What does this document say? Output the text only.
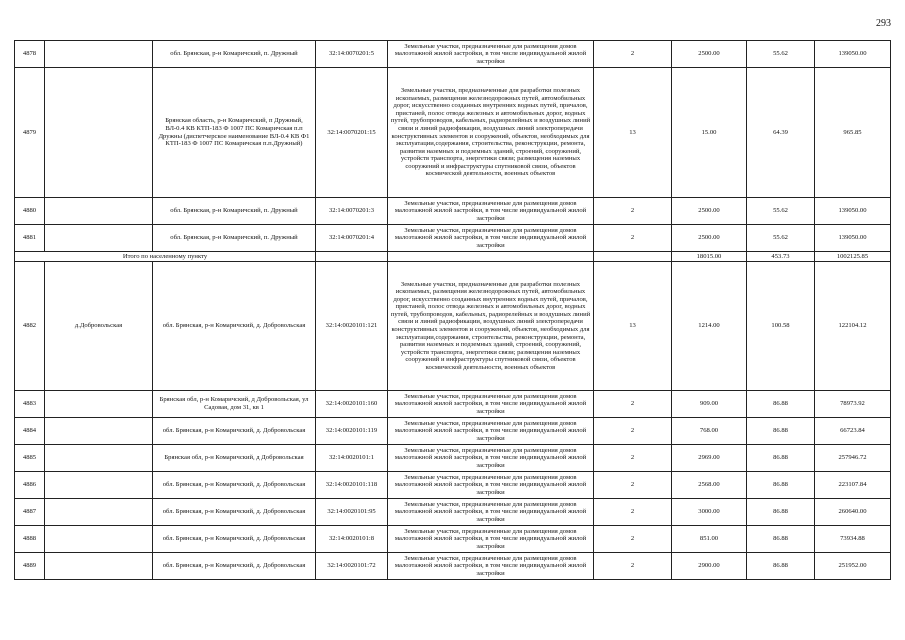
293
4878		обл. Брянская, р-н Комаричский, п. Дружный	32:14:0070201:5	Земельные участки, предназначенные для размещения домов малоэтажной жилой застройки, в том числе индивидуальной жилой застройки	2	2500.00	55.62	139050.00
4879		Брянская область, р-н Комаричский, п Дружный, ВЛ-0.4 КВ КТП-183 Ф 1007 ПС Комаричская п.п Дружны (диспетчерское наименование ВЛ-0.4 КВ Ф1 КТП-183 Ф 1007 ПС Комаричская п.п.Дружный)	32:14:0070201:15	Земельные участки, предназначенные для разработки полезных ископаемых, размещения железнодорожных путей, автомобильных дорог, искусственно созданных внутренних водных путей, причалов, пристаней, полос отвода железных и автомобильных дорог, водных путей, трубопроводов, кабельных, радиорелейных и воздушных линий связи и линий радиофикации, воздушных линий электропередачи конструктивных элементов и сооружений, объектов, необходимых для эксплуатации,содержания, строительства, реконструкции, ремонта, развития наземных и подземных зданий, строений, сооружений, устройств транспорта, энергетики связи; размещения наземных сооружений и инфраструктуры спутниковой связи, объектов космической деятельности, военных объектов	13	15.00	64.39	965.85
4880		обл. Брянская, р-н Комаричский, п. Дружный	32:14:0070201:3	Земельные участки, предназначенные для размещения домов малоэтажной жилой застройки, в том числе индивидуальной жилой застройки	2	2500.00	55.62	139050.00
4881		обл. Брянская, р-н Комаричский, п. Дружный	32:14:0070201:4	Земельные участки, предназначенные для размещения домов малоэтажной жилой застройки, в том числе индивидуальной жилой застройки	2	2500.00	55.62	139050.00
Итого по населенному пункту						18015.00	453.73	1002125.85
4882	д.Добровольская	обл. Брянская, р-н Комаричский, д. Добровольская	32:14:0020101:121	Земельные участки, предназначенные для разработки полезных ископаемых, размещения железнодорожных путей, автомобильных дорог, искусственно созданных внутренних водных путей, причалов, пристаней, полос отвода железных и автомобильных дорог, водных путей, трубопроводов, кабельных, радиорелейных и воздушных линий связи и линий радиофикации, воздушных линий электропередачи конструктивных элементов и сооружений, объектов, необходимых для эксплуатации,содержания, строительства, реконструкции, ремонта, развития наземных и подземных зданий, строений, сооружений, устройств транспорта, энергетики связи; размещения наземных сооружений и инфраструктуры спутниковой связи, объектов космической деятельности, военных объектов	13	1214.00	100.58	122104.12
4883		Брянская обл, р-н Комаричский, д Добровольская, ул Садовая, дом 31, кв 1	32:14:0020101:160	Земельные участки, предназначенные для размещения домов малоэтажной жилой застройки, в том числе индивидуальной жилой застройки	2	909.00	86.88	78973.92
4884		обл. Брянская, р-н Комаричский, д. Добровольская	32:14:0020101:119	Земельные участки, предназначенные для размещения домов малоэтажной жилой застройки, в том числе индивидуальной жилой застройки	2	768.00	86.88	66723.84
4885		Брянская обл, р-н Комаричский, д Добровольская	32:14:0020101:1	Земельные участки, предназначенные для размещения домов малоэтажной жилой застройки, в том числе индивидуальной жилой застройки	2	2969.00	86.88	257946.72
4886		обл. Брянская, р-н Комаричский, д. Добровольская	32:14:0020101:118	Земельные участки, предназначенные для размещения домов малоэтажной жилой застройки, в том числе индивидуальной жилой застройки	2	2568.00	86.88	223107.84
4887		обл. Брянская, р-н Комаричский, д. Добровольская	32:14:0020101:95	Земельные участки, предназначенные для размещения домов малоэтажной жилой застройки, в том числе индивидуальной жилой застройки	2	3000.00	86.88	260640.00
4888		обл. Брянская, р-н Комаричский, д. Добровольская	32:14:0020101:8	Земельные участки, предназначенные для размещения домов малоэтажной жилой застройки, в том числе индивидуальной жилой застройки	2	851.00	86.88	73934.88
4889		обл. Брянская, р-н Комаричский, д. Добровольская	32:14:0020101:72	Земельные участки, предназначенные для размещения домов малоэтажной жилой застройки, в том числе индивидуальной жилой застройки	2	2900.00	86.88	251952.00
